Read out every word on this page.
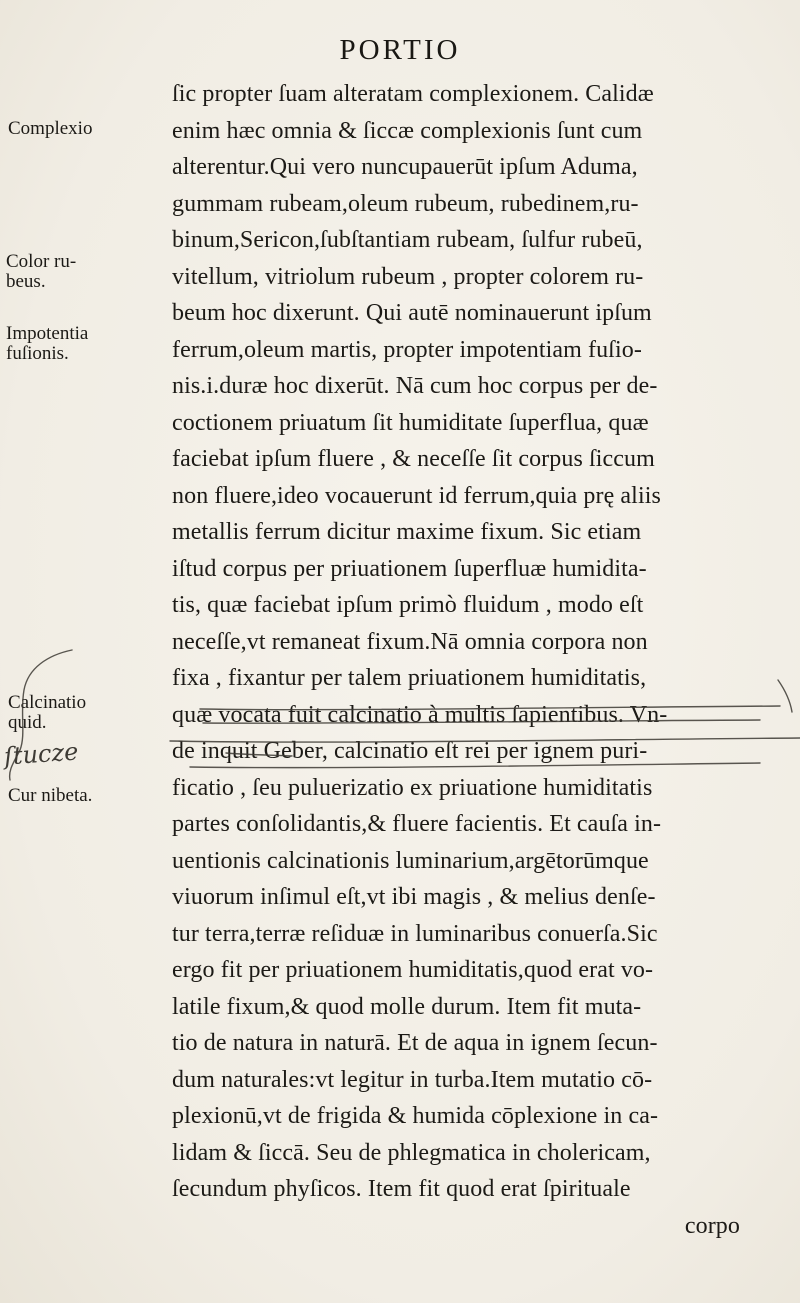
PORTIO
ſic propter ſuam alteratam complexionem. Calidæ
enim hæc omnia & ſiccæ complexionis ſunt cum
alterentur.Qui vero nuncupauerūt ipſum Aduma,
gummam rubeam,oleum rubeum, rubedinem,ru-
binum,Sericon,ſubſtantiam rubeam, ſulfur rubeū,
vitellum, vitriolum rubeum , propter colorem ru-
beum hoc dixerunt. Qui autē nominauerunt ipſum
ferrum,oleum martis, propter impotentiam fuſio-
nis.i.duræ hoc dixerūt. Nā cum hoc corpus per de-
coctionem priuatum ſit humiditate ſuperflua, quæ
faciebat ipſum fluere , & neceſſe ſit corpus ſiccum
non fluere,ideo vocauerunt id ferrum,quia prę aliis
metallis ferrum dicitur maxime fixum. Sic etiam
iſtud corpus per priuationem ſuperfluæ humidita-
tis, quæ faciebat ipſum primò fluidum , modo eſt
neceſſe,vt remaneat fixum.Nā omnia corpora non
fixa , fixantur per talem priuationem humiditatis,
quæ vocata fuit calcinatio à multis ſapientibus. Vn-
de inquit Geber, calcinatio eſt rei per ignem puri-
ficatio , ſeu puluerizatio ex priuatione humiditatis
partes conſolidantis,& fluere facientis. Et cauſa in-
uentionis calcinationis luminarium,argētorūmque
viuorum inſimul eſt,vt ibi magis , & melius denſe-
tur terra,terræ reſiduæ in luminaribus conuerſa.Sic
ergo fit per priuationem humiditatis,quod erat vo-
latile fixum,& quod molle durum. Item fit muta-
tio de natura in naturā. Et de aqua in ignem ſecun-
dum naturales:vt legitur in turba.Item mutatio cō-
plexionū,vt de frigida & humida cōplexione in ca-
lidam & ſiccā. Seu de phlegmatica in cholericam,
ſecundum phyſicos. Item fit quod erat ſpirituale
corpo
Complexio
Color ru-
beus.
Impotentia
fuſionis.
Calcinatio
quid.
Cur nibeta.
ſtucze
